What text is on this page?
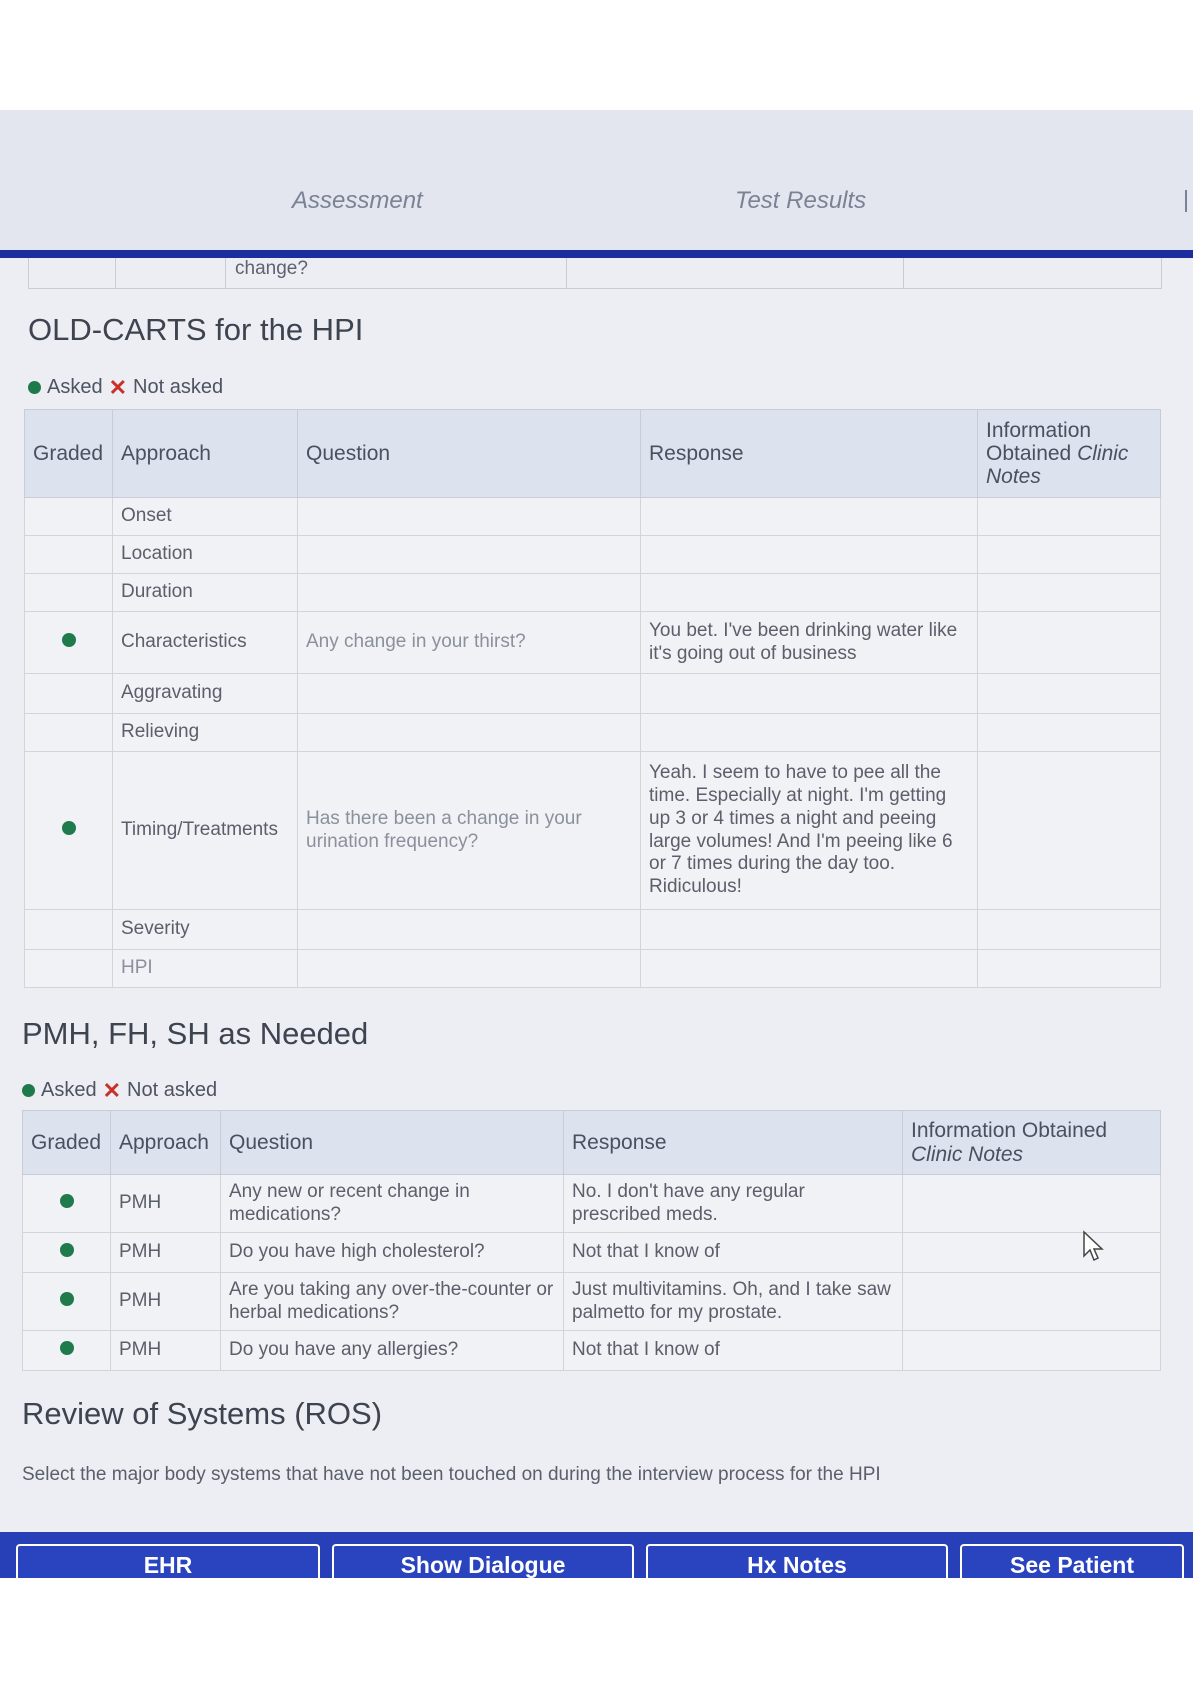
Assessment	Test Results
change?
OLD-CARTS for the HPI
Asked ✕ Not asked
Graded	Approach	Question	Response	Information
Obtained Clinic
Notes
	Onset			
	Location			
	Duration			
	Characteristics	Any change in your thirst?	You bet. I've been drinking water like it's going out of business	
	Aggravating			
	Relieving			
	Timing/Treatments	Has there been a change in your urination frequency?	Yeah. I seem to have to pee all the time. Especially at night. I'm getting up 3 or 4 times a night and peeing large volumes! And I'm peeing like 6 or 7 times during the day too. Ridiculous!	
	Severity			
	HPI			
PMH, FH, SH as Needed
Asked ✕ Not asked
Graded	Approach	Question	Response	Information Obtained
Clinic Notes
	PMH	Any new or recent change in medications?	No. I don't have any regular prescribed meds.	
	PMH	Do you have high cholesterol?	Not that I know of	
	PMH	Are you taking any over-the-counter or herbal medications?	Just multivitamins. Oh, and I take saw palmetto for my prostate.	
	PMH	Do you have any allergies?	Not that I know of	
Review of Systems (ROS)
Select the major body systems that have not been touched on during the interview process for the HPI
EHR	Show Dialogue	Hx Notes	See Patient
